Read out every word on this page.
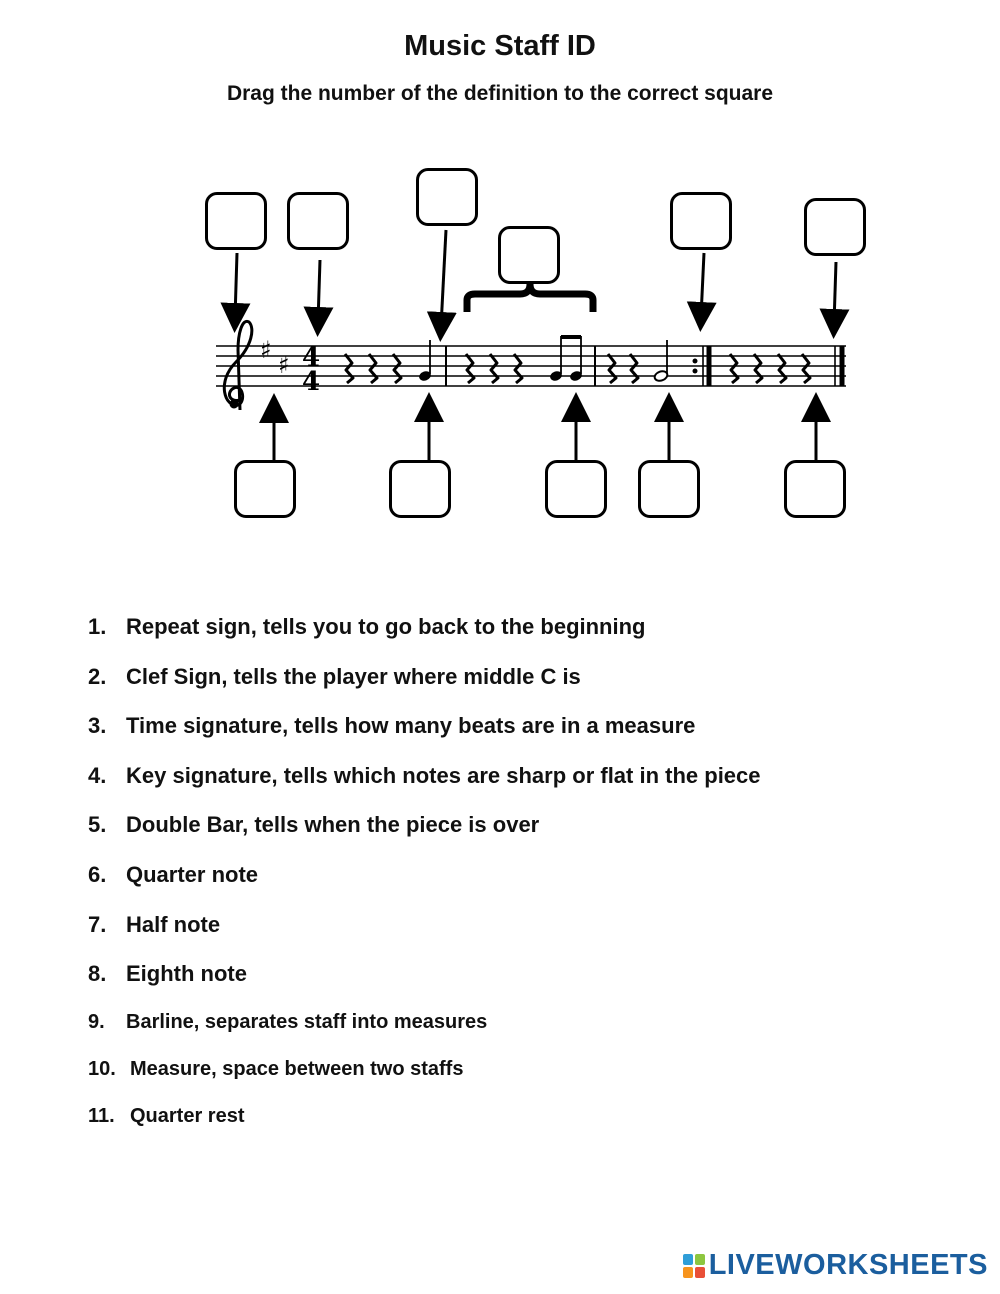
Music Staff ID
Drag the number of the definition to the correct square
♯
♯ 4
4
1. Repeat sign, tells you to go back to the beginning
2. Clef Sign, tells the player where middle C is
3. Time signature, tells how many beats are in a measure
4. Key signature, tells which notes are sharp or flat in the piece
5. Double Bar, tells when the piece is over
6. Quarter note
7. Half note
8. Eighth note
9.	Barline, separates staff into measures
10. Measure, space between two staffs
11. Quarter rest
LIVEWORKSHEETS
